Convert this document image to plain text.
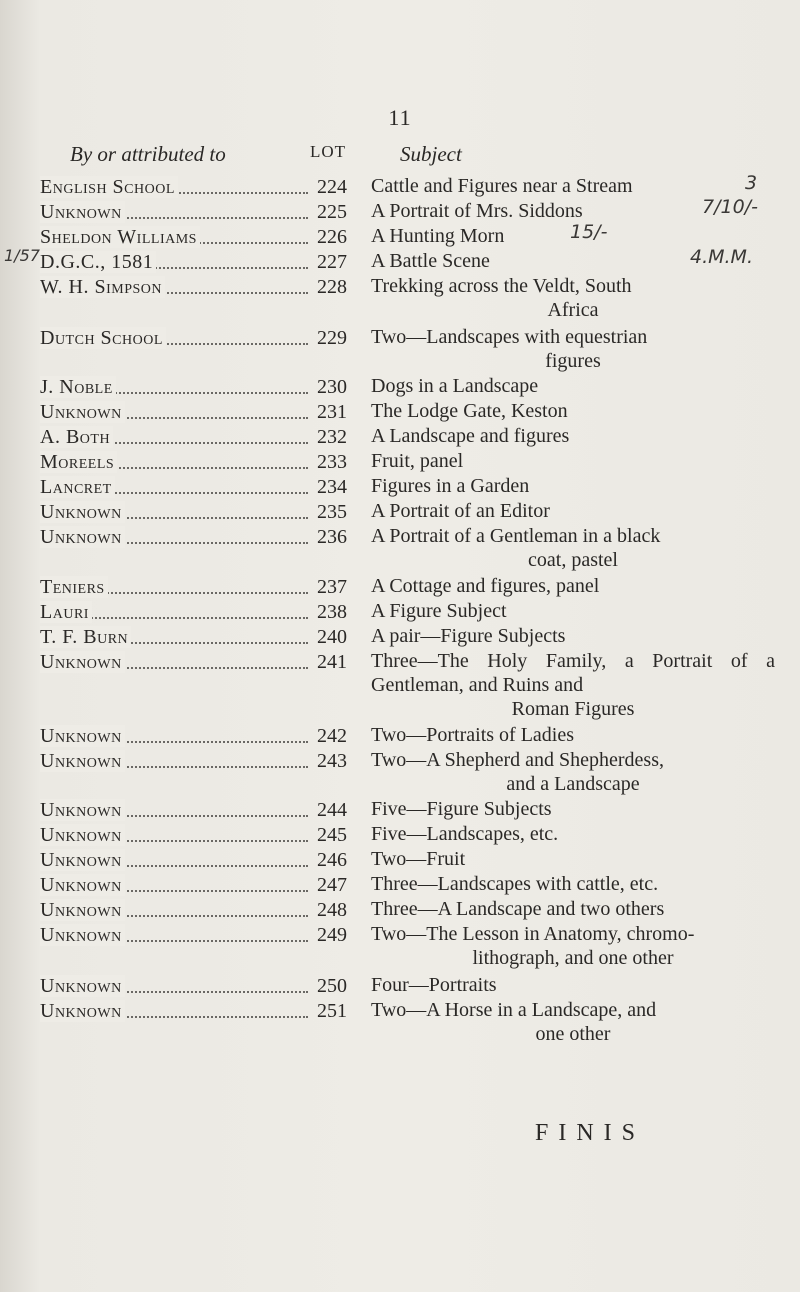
11
By or attributed to	LOT	Subject
English School	224	Cattle and Figures near a Stream
Unknown	225	A Portrait of Mrs. Siddons
Sheldon Williams	226	A Hunting Morn
D.G.C., 1581	227	A Battle Scene
W. H. Simpson	228	Trekking across the Veldt, South
Africa
Dutch School	229	Two—Landscapes with equestrian
figures
J. Noble	230	Dogs in a Landscape
Unknown	231	The Lodge Gate, Keston
A. Both	232	A Landscape and figures
Moreels	233	Fruit, panel
Lancret	234	Figures in a Garden
Unknown	235	A Portrait of an Editor
Unknown	236	A Portrait of a Gentleman in a black
coat, pastel
Teniers	237	A Cottage and figures, panel
Lauri	238	A Figure Subject
T. F. Burn	240	A pair—Figure Subjects
Unknown	241	Three—The Holy Family, a Portrait of a Gentleman, and Ruins and
Roman Figures
Unknown	242	Two—Portraits of Ladies
Unknown	243	Two—A Shepherd and Shepherdess,
and a Landscape
Unknown	244	Five—Figure Subjects
Unknown	245	Five—Landscapes, etc.
Unknown	246	Two—Fruit
Unknown	247	Three—Landscapes with cattle, etc.
Unknown	248	Three—A Landscape and two others
Unknown	249	Two—The Lesson in Anatomy, chromo-
lithograph, and one other
Unknown	250	Four—Portraits
Unknown	251	Two—A Horse in a Landscape, and
one other
FINIS
3
7/10/-
15/-
4.M.M.
1/57
